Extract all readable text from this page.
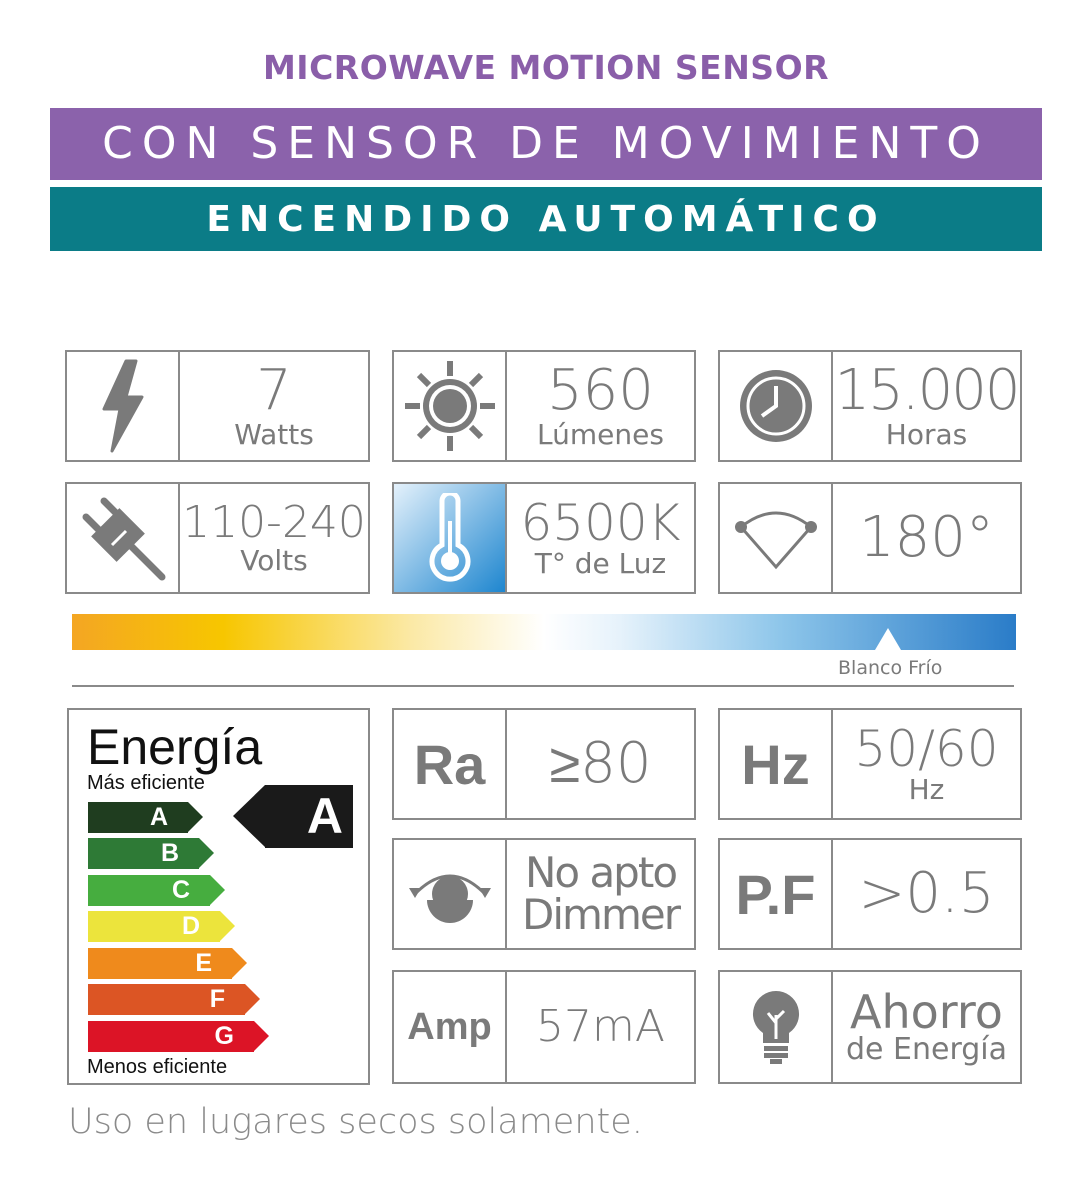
MICROWAVE MOTION SENSOR
CON SENSOR DE MOVIMIENTO
ENCENDIDO AUTOMÁTICO
7
Watts
560
Lúmenes
15.000
Horas
110-240
Volts
6500K
T° de Luz	180°
Blanco Frío
Energía
Más eficiente
A
A
B
C
D
E
F
G
Menos eficiente
Ra ≥80 Hz 50/60
Hz
No apto
Dimmer P.F >0.5
Amp 57mA	Ahorro
de Energía
Uso en lugares secos solamente.
